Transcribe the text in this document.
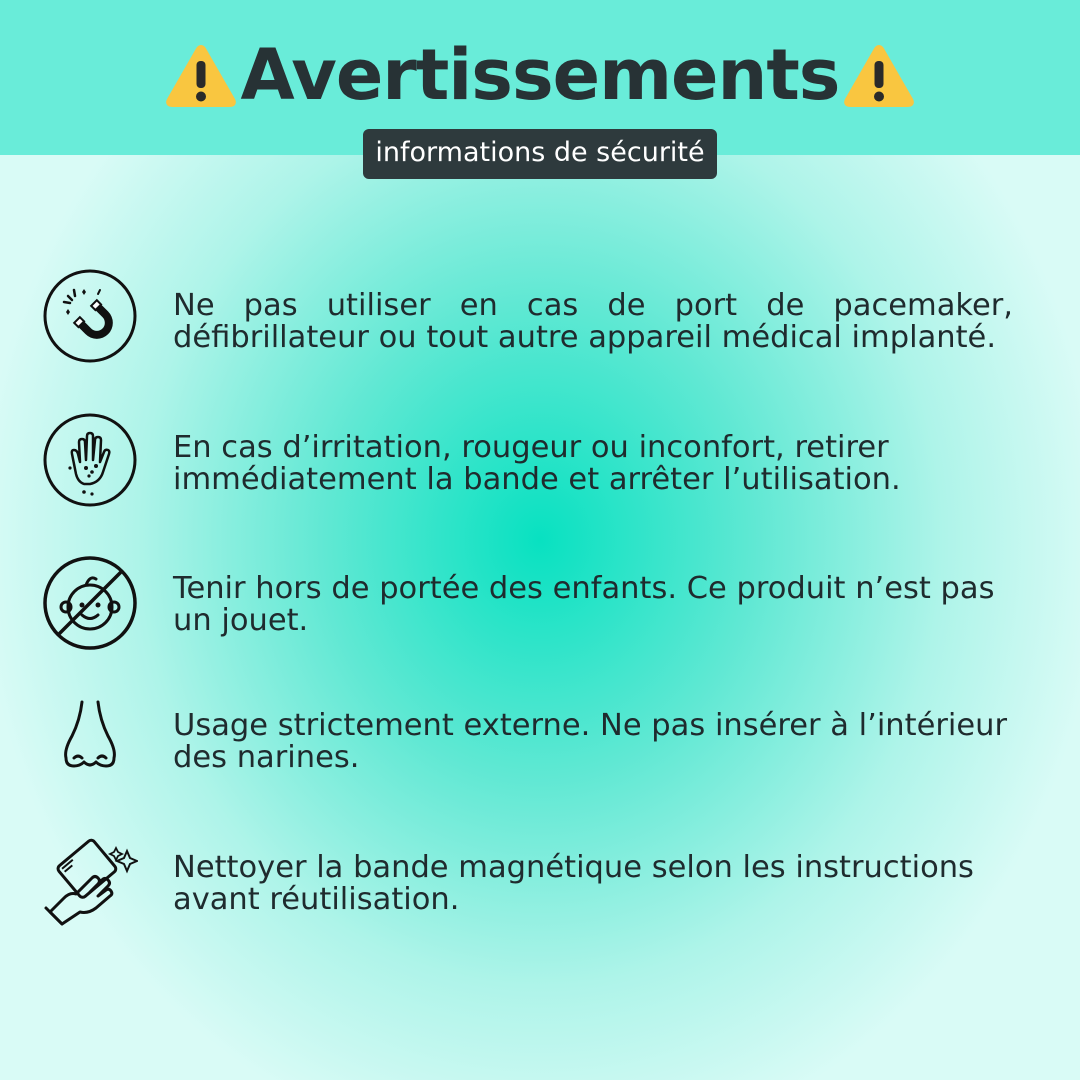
Avertissements
informations de sécurité
Ne pas utiliser en cas de port de pacemaker, défibrillateur ou tout autre appareil médical implanté.
En cas d’irritation, rougeur ou inconfort, retirer immédiatement la bande et arrêter l’utilisation.
Tenir hors de portée des enfants. Ce produit n’est pas un jouet.
Usage strictement externe. Ne pas insérer à l’intérieur des narines.
Nettoyer la bande magnétique selon les instructions avant réutilisation.
